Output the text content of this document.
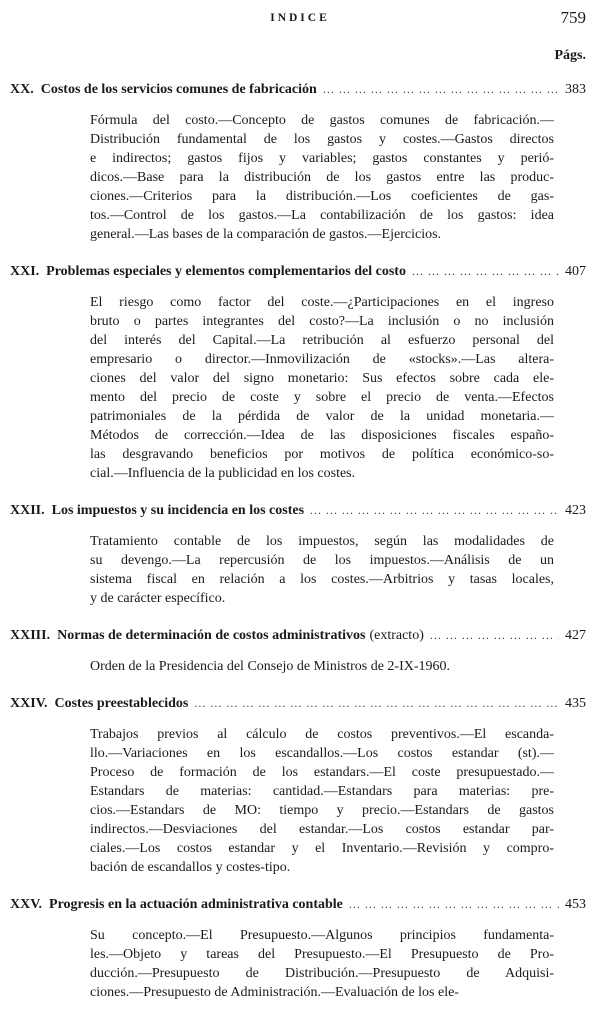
INDICE	759
Págs.
XX. Costos de los servicios comunes de fabricación ... .	383
Fórmula del costo.—Concepto de gastos comunes de fabricación.—
Distribución fundamental de los gastos y costes.—Gastos directos
e indirectos; gastos fijos y variables; gastos constantes y perió-
dicos.—Base para la distribución de los gastos entre las produc-
ciones.—Criterios para la distribución.—Los coeficientes de gas-
tos.—Control de los gastos.—La contabilización de los gastos: idea
general.—Las bases de la comparación de gastos.—Ejercicios.
XXI. Problemas especiales y elementos complementarios del costo ... .	407
El riesgo como factor del coste.—¿Participaciones en el ingreso
bruto o partes integrantes del costo?—La inclusión o no inclusión
del interés del Capital.—La retribución al esfuerzo personal del
empresario o director.—Inmovilización de «stocks».—Las altera-
ciones del valor del signo monetario: Sus efectos sobre cada ele-
mento del precio de coste y sobre el precio de venta.—Efectos
patrimoniales de la pérdida de valor de la unidad monetaria.—
Métodos de corrección.—Idea de las disposiciones fiscales españo-
las desgravando beneficios por motivos de política económico-so-
cial.—Influencia de la publicidad en los costes.
XXII. Los impuestos y su incidencia en los costes ... .	423
Tratamiento contable de los impuestos, según las modalidades de
su devengo.—La repercusión de los impuestos.—Análisis de un
sistema fiscal en relación a los costes.—Arbitrios y tasas locales,
y de carácter específico.
XXIII. Normas de determinación de costos administrativos (extracto) ... .	427
Orden de la Presidencia del Consejo de Ministros de 2-IX-1960.
XXIV. Costes preestablecidos ... .	435
Trabajos previos al cálculo de costos preventivos.—El escanda-
llo.—Variaciones en los escandallos.—Los costos estandar (st).—
Proceso de formación de los estandars.—El coste presupuestado.—
Estandars de materias: cantidad.—Estandars para materias: pre-
cios.—Estandars de MO: tiempo y precio.—Estandars de gastos
indirectos.—Desviaciones del estandar.—Los costos estandar par-
ciales.—Los costos estandar y el Inventario.—Revisión y compro-
bación de escandallos y costes-tipo.
XXV. Progresis en la actuación administrativa contable ... .	453
Su concepto.—El Presupuesto.—Algunos principios fundamenta-
les.—Objeto y tareas del Presupuesto.—El Presupuesto de Pro-
ducción.—Presupuesto de Distribución.—Presupuesto de Adquisi-
ciones.—Presupuesto de Administración.—Evaluación de los ele-
